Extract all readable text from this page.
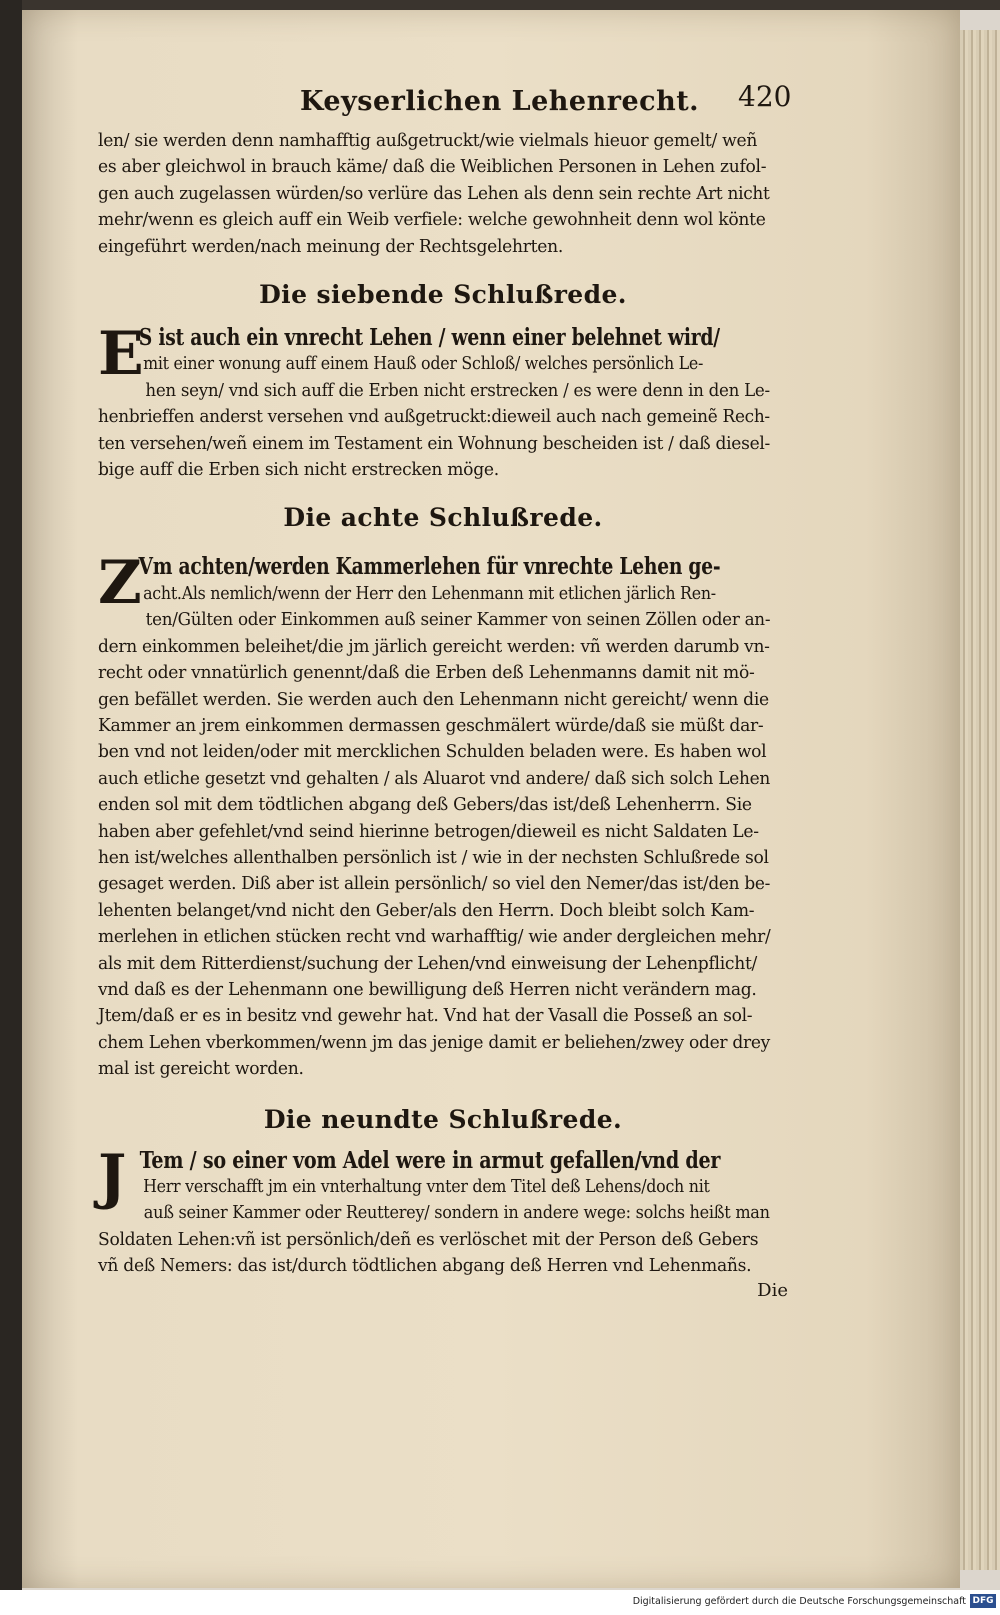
Keyserlichen Lehenrecht. 420
len/ sie werden denn namhafftig außgetruckt/wie vielmals hieuor gemelt/ weñ
es aber gleichwol in brauch käme/ daß die Weiblichen Personen in Lehen zufol-
gen auch zugelassen würden/so verlüre das Lehen als denn sein rechte Art nicht
mehr/wenn es gleich auff ein Weib verfiele: welche gewohnheit denn wol könte
eingeführt werden/nach meinung der Rechtsgelehrten.
Die siebende Schlußrede.
E
S ist auch ein vnrecht Lehen / wenn einer belehnet wird/
mit einer wonung auff einem Hauß oder Schloß/ welches persönlich Le-
hen seyn/ vnd sich auff die Erben nicht erstrecken / es were denn in den Le-
henbrieffen anderst versehen vnd außgetruckt:dieweil auch nach gemeinẽ Rech-
ten versehen/weñ einem im Testament ein Wohnung bescheiden ist / daß diesel-
bige auff die Erben sich nicht erstrecken möge.
Die achte Schlußrede.
Z
Vm achten/werden Kammerlehen für vnrechte Lehen ge-
acht.Als nemlich/wenn der Herr den Lehenmann mit etlichen järlich Ren-
ten/Gülten oder Einkommen auß seiner Kammer von seinen Zöllen oder an-
dern einkommen beleihet/die jm järlich gereicht werden: vñ werden darumb vn-
recht oder vnnatürlich genennt/daß die Erben deß Lehenmanns damit nit mö-
gen befället werden. Sie werden auch den Lehenmann nicht gereicht/ wenn die
Kammer an jrem einkommen dermassen geschmälert würde/daß sie müßt dar-
ben vnd not leiden/oder mit mercklichen Schulden beladen were. Es haben wol
auch etliche gesetzt vnd gehalten / als Aluarot vnd andere/ daß sich solch Lehen
enden sol mit dem tödtlichen abgang deß Gebers/das ist/deß Lehenherrn. Sie
haben aber gefehlet/vnd seind hierinne betrogen/dieweil es nicht Saldaten Le-
hen ist/welches allenthalben persönlich ist / wie in der nechsten Schlußrede sol
gesaget werden. Diß aber ist allein persönlich/ so viel den Nemer/das ist/den be-
lehenten belanget/vnd nicht den Geber/als den Herrn. Doch bleibt solch Kam-
merlehen in etlichen stücken recht vnd warhafftig/ wie ander dergleichen mehr/
als mit dem Ritterdienst/suchung der Lehen/vnd einweisung der Lehenpflicht/
vnd daß es der Lehenmann one bewilligung deß Herren nicht verändern mag.
Jtem/daß er es in besitz vnd gewehr hat. Vnd hat der Vasall die Posseß an sol-
chem Lehen vberkommen/wenn jm das jenige damit er beliehen/zwey oder drey
mal ist gereicht worden.
Die neundte Schlußrede.
J Tem / so einer vom Adel were in armut gefallen/vnd der
Herr verschafft jm ein vnterhaltung vnter dem Titel deß Lehens/doch nit
auß seiner Kammer oder Reutterey/ sondern in andere wege: solchs heißt man
Soldaten Lehen:vñ ist persönlich/deñ es verlöschet mit der Person deß Gebers
vñ deß Nemers: das ist/durch tödtlichen abgang deß Herren vnd Lehenmañs.
Die
Digitalisierung gefördert durch die Deutsche Forschungsgemeinschaft DFG
